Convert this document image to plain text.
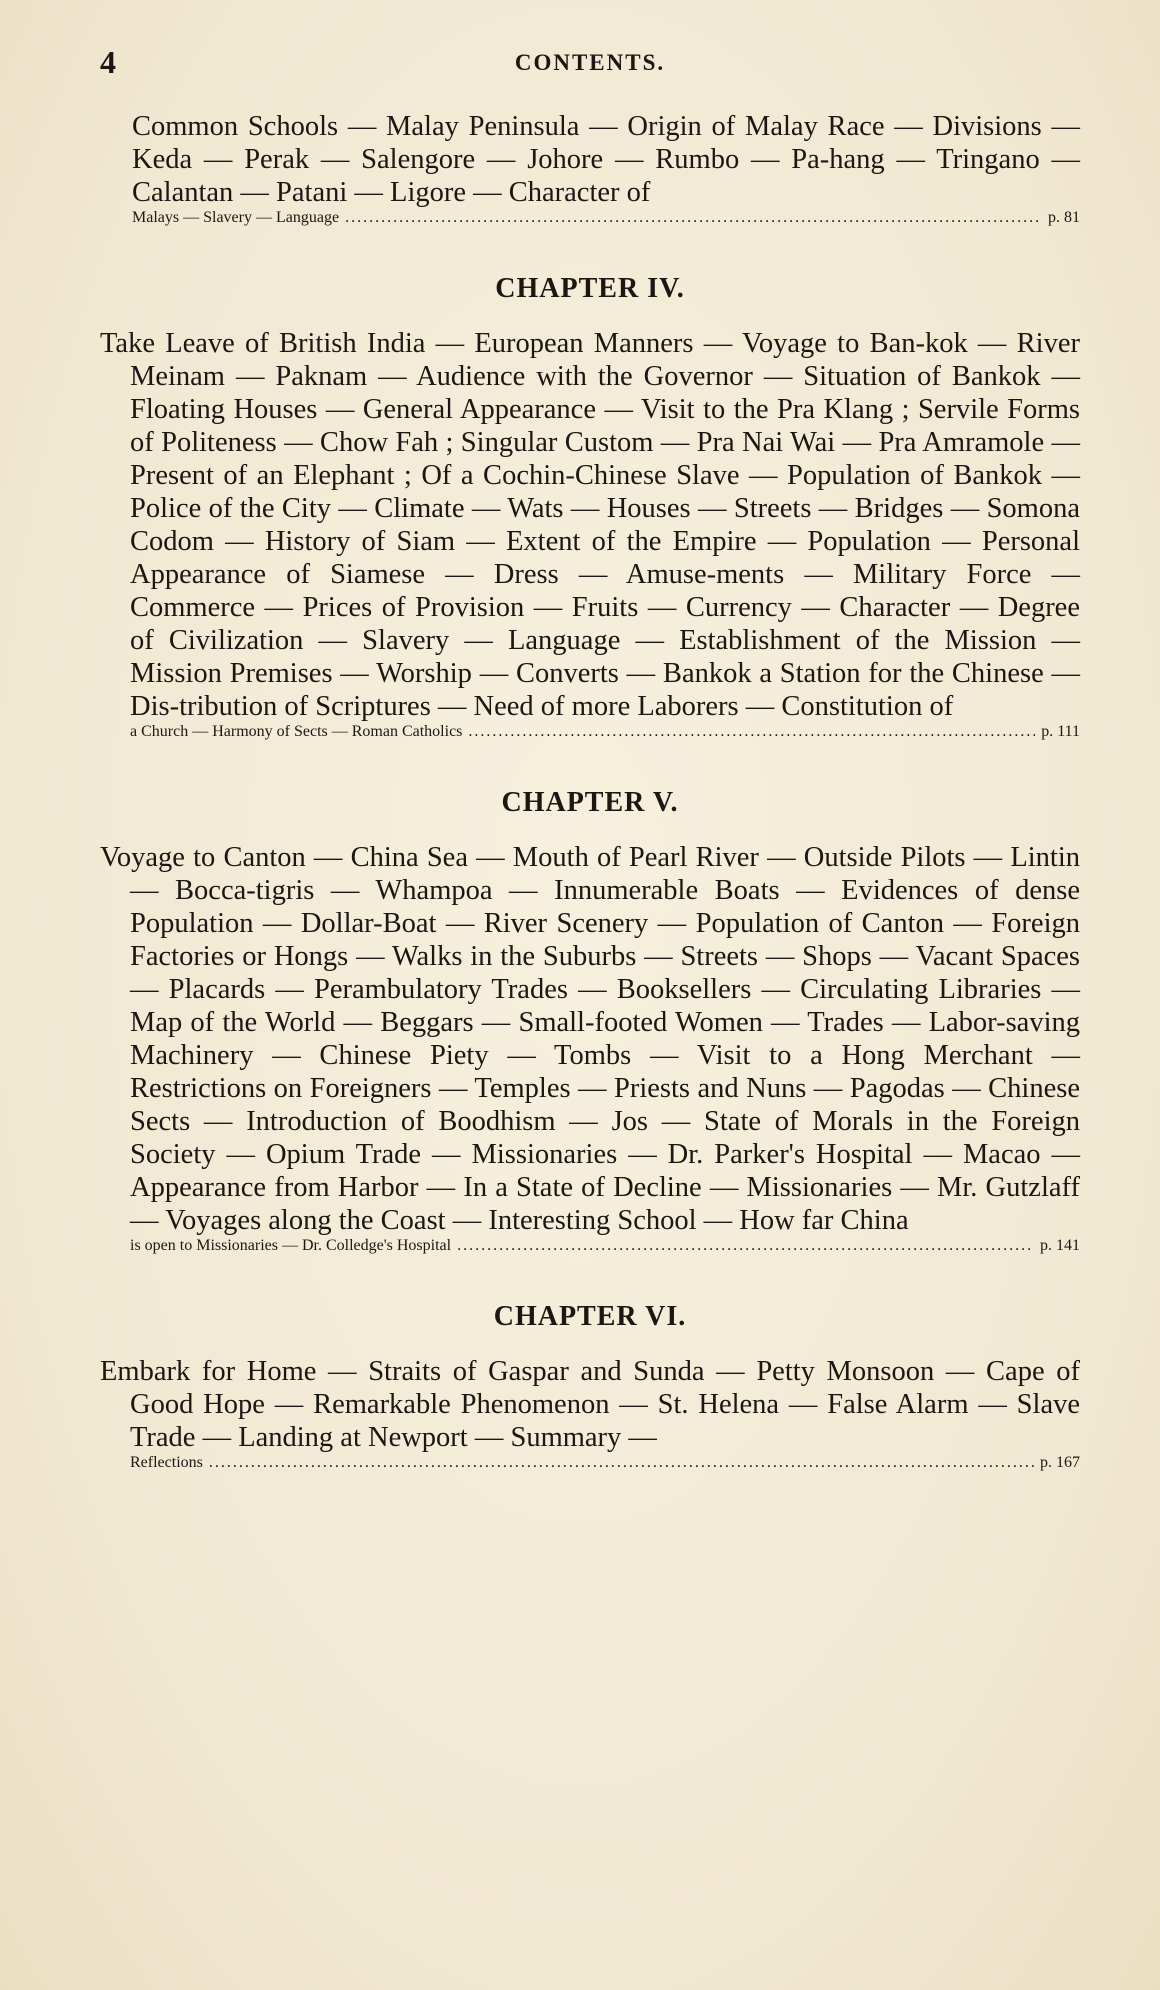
4	CONTENTS.

Common Schools — Malay Peninsula — Origin of Malay Race — Divisions — Keda — Perak — Salengore — Johore — Rumbo — Pa-hang — Tringano — Calantan — Patani — Ligore — Character of

Malays — Slavery — Language .....	p. 81
CHAPTER IV.

Take Leave of British India — European Manners — Voyage to Ban-kok — River Meinam — Paknam — Audience with the Governor — Situation of Bankok — Floating Houses — General Appearance — Visit to the Pra Klang ; Servile Forms of Politeness — Chow Fah ; Singular Custom — Pra Nai Wai — Pra Amramole — Present of an Elephant ; Of a Cochin-Chinese Slave — Population of Bankok — Police of the City — Climate — Wats — Houses — Streets — Bridges — Somona Codom — History of Siam — Extent of the Empire — Population — Personal Appearance of Siamese — Dress — Amuse-ments — Military Force — Commerce — Prices of Provision — Fruits — Currency — Character — Degree of Civilization — Slavery — Language — Establishment of the Mission — Mission Premises — Worship — Converts — Bankok a Station for the Chinese — Dis-tribution of Scriptures — Need of more Laborers — Constitution of

a Church — Harmony of Sects — Roman Catholics .....	p. 111
CHAPTER V.

Voyage to Canton — China Sea — Mouth of Pearl River — Outside Pilots — Lintin — Bocca-tigris — Whampoa — Innumerable Boats — Evidences of dense Population — Dollar-Boat — River Scenery — Population of Canton — Foreign Factories or Hongs — Walks in the Suburbs — Streets — Shops — Vacant Spaces — Placards — Perambulatory Trades — Booksellers — Circulating Libraries — Map of the World — Beggars — Small-footed Women — Trades — Labor-saving Machinery — Chinese Piety — Tombs — Visit to a Hong Merchant — Restrictions on Foreigners — Temples — Priests and Nuns — Pagodas — Chinese Sects — Introduction of Boodhism — Jos — State of Morals in the Foreign Society — Opium Trade — Missionaries — Dr. Parker's Hospital — Macao — Appearance from Harbor — In a State of Decline — Missionaries — Mr. Gutzlaff — Voyages along the Coast — Interesting School — How far China

is open to Missionaries — Dr. Colledge's Hospital .....	p. 141
CHAPTER VI.

Embark for Home — Straits of Gaspar and Sunda — Petty Monsoon — Cape of Good Hope — Remarkable Phenomenon — St. Helena — False Alarm — Slave Trade — Landing at Newport — Summary —

Reflections .....	p. 167
